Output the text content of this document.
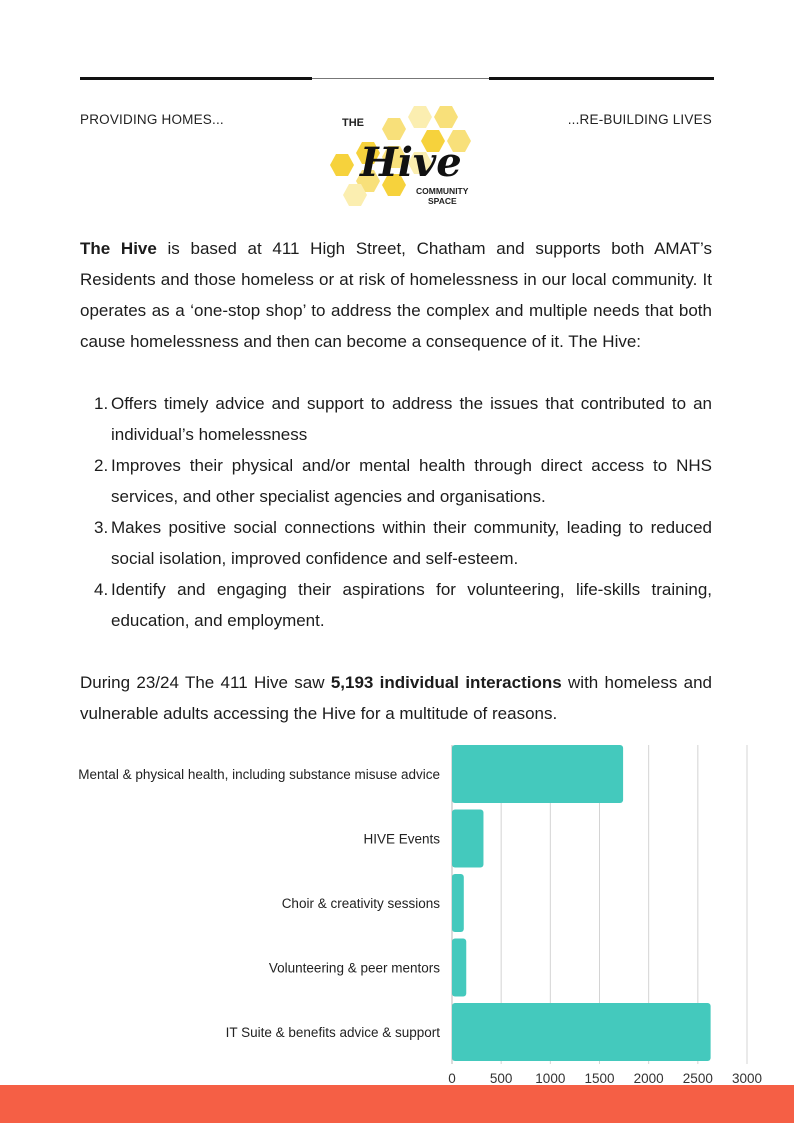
PROVIDING HOMES...	...RE-BUILDING LIVES
THE
Hive
COMMUNITY
SPACE
The Hive is based at 411 High Street, Chatham and supports both AMAT’s Residents and those homeless or at risk of homelessness in our local community. It operates as a ‘one-stop shop’ to address the complex and multiple needs that both cause homelessness and then can become a consequence of it. The Hive:
1. Offers timely advice and support to address the issues that contributed to an individual’s homelessness
2. Improves their physical and/or mental health through direct access to NHS services, and other specialist agencies and organisations.
3. Makes positive social connections within their community, leading to reduced social isolation, improved confidence and self-esteem.
4. Identify and engaging their aspirations for volunteering, life-skills training, education, and employment.
During 23/24 The 411 Hive saw 5,193 individual interactions with homeless and vulnerable adults accessing the Hive for a multitude of reasons.
Mental & physical health, including substance misuse advice
HIVE Events
Choir & creativity sessions
Volunteering & peer mentors
IT Suite & benefits advice & support
0	500 1000 1500 2000 2500 3000
